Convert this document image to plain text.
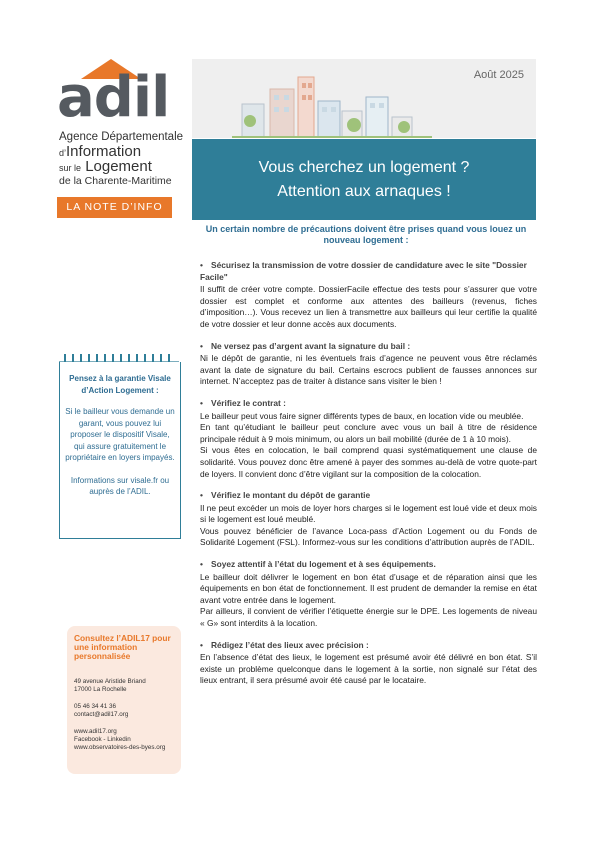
adil
Agence Départementale
d’Information
sur le Logement
de la Charente-Maritime
LA NOTE D’INFO
Août 2025
Vous cherchez un logement ?
Attention aux arnaques !
Un certain nombre de précautions doivent être prises quand vous louez un nouveau logement :
• Sécurisez la transmission de votre dossier de candidature avec le site "Dossier Facile"
Il suffit de créer votre compte. DossierFacile effectue des tests pour s’assurer que votre dossier est complet et conforme aux attentes des bailleurs (revenus, fiches d’imposition…). Vous recevez un lien à transmettre aux bailleurs qui leur certifie la qualité de votre dossier et leur donne accès aux documents.
• Ne versez pas d’argent avant la signature du bail :
Ni le dépôt de garantie, ni les éventuels frais d’agence ne peuvent vous être réclamés avant la date de signature du bail. Certains escrocs publient de fausses annonces sur internet. N’acceptez pas de traiter à distance sans visiter le bien !
• Vérifiez le contrat :
Le bailleur peut vous faire signer différents types de baux, en location vide ou meublée.
En tant qu’étudiant le bailleur peut conclure avec vous un bail à titre de résidence principale réduit à 9 mois minimum, ou alors un bail mobilité (durée de 1 à 10 mois).
Si vous êtes en colocation, le bail comprend quasi systématiquement une clause de solidarité. Vous pouvez donc être amené à payer des sommes au-delà de votre quote-part de loyers. Il convient donc d’être vigilant sur la composition de la colocation.
• Vérifiez le montant du dépôt de garantie
Il ne peut excéder un mois de loyer hors charges si le logement est loué vide et deux mois si le logement est loué meublé.
Vous pouvez bénéficier de l’avance Loca-pass d’Action Logement ou du Fonds de Solidarité Logement (FSL). Informez-vous sur les conditions d’attribution auprès de l’ADIL.
• Soyez attentif à l’état du logement et à ses équipements.
Le bailleur doit délivrer le logement en bon état d’usage et de réparation ainsi que les équipements en bon état de fonctionnement. Il est prudent de demander la remise en état avant votre entrée dans le logement.
Par ailleurs, il convient de vérifier l’étiquette énergie sur le DPE. Les logements de niveau « G» sont interdits à la location.
• Rédigez l’état des lieux avec précision :
En l’absence d’état des lieux, le logement est présumé avoir été délivré en bon état. S’il existe un problème quelconque dans le logement à la sortie, non signalé sur l’état des lieux entrant, il sera présumé avoir été causé par le locataire.
Pensez à la garantie Visale d’Action Logement :
Si le bailleur vous demande un garant, vous pouvez lui proposer le dispositif Visale, qui assure gratuitement le propriétaire en loyers impayés.
Informations sur visale.fr ou auprès de l’ADIL.
Consultez l’ADIL17 pour une information personnalisée
49 avenue Aristide Briand
17000 La Rochelle
05 46 34 41 36
contact@adil17.org
www.adil17.org
Facebook - Linkedin
www.observatoires-des-byes.org
